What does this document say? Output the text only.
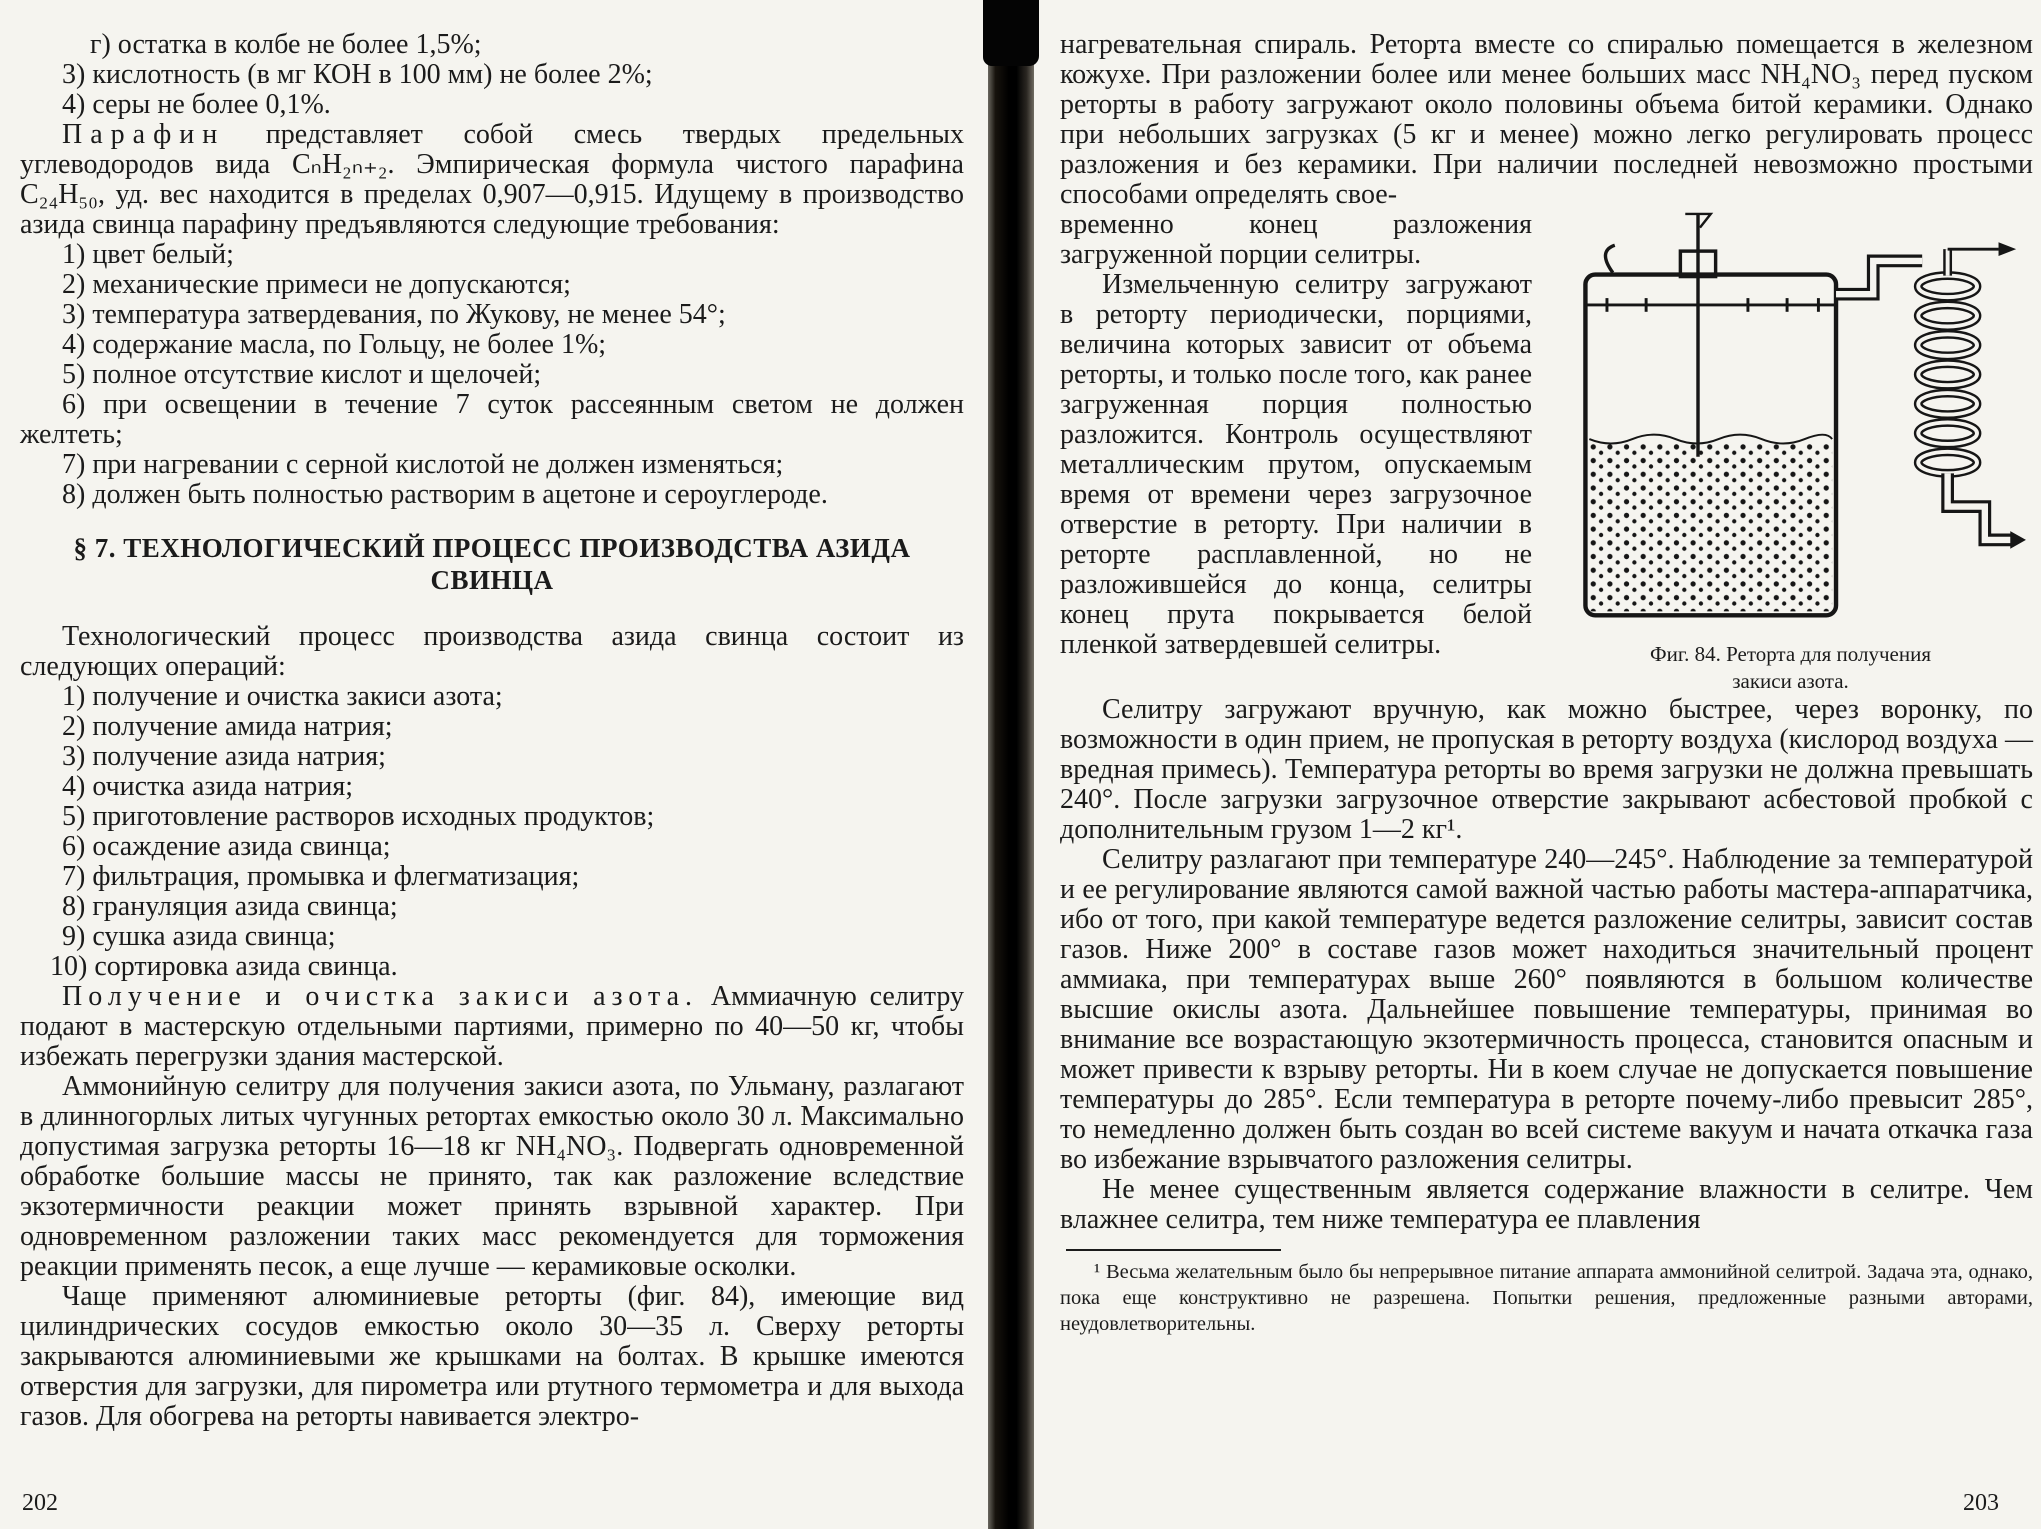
г) остатка в колбе не более 1,5%;

3) кислотность (в мг КОН в 100 мм) не более 2%;

4) серы не более 0,1%.

Парафин представляет собой смесь твердых предельных углеводородов вида CₙH₂ₙ₊₂. Эмпирическая формула чистого парафина C₂₄H₅₀, уд. вес находится в пределах 0,907—0,915. Идущему в производство азида свинца парафину предъявляются следующие требования:

1) цвет белый;

2) механические примеси не допускаются;

3) температура затвердевания, по Жукову, не менее 54°;

4) содержание масла, по Гольцу, не более 1%;

5) полное отсутствие кислот и щелочей;

6) при освещении в течение 7 суток рассеянным светом не должен желтеть;

7) при нагревании с серной кислотой не должен изменяться;

8) должен быть полностью растворим в ацетоне и сероуглероде.

§ 7. ТЕХНОЛОГИЧЕСКИЙ ПРОЦЕСС ПРОИЗВОДСТВА АЗИДА СВИНЦА

Технологический процесс производства азида свинца состоит из следующих операций:

1) получение и очистка закиси азота;

2) получение амида натрия;

3) получение азида натрия;

4) очистка азида натрия;

5) приготовление растворов исходных продуктов;

6) осаждение азида свинца;

7) фильтрация, промывка и флегматизация;

8) грануляция азида свинца;

9) сушка азида свинца;

10) сортировка азида свинца.

Получение и очистка закиси азота. Аммиачную селитру подают в мастерскую отдельными партиями, примерно по 40—50 кг, чтобы избежать перегрузки здания мастерской.

Аммонийную селитру для получения закиси азота, по Ульману, разлагают в длинногорлых литых чугунных ретортах емкостью около 30 л. Максимально допустимая загрузка реторты 16—18 кг NH₄NO₃. Подвергать одновременной обработке большие массы не принято, так как разложение вследствие экзотермичности реакции может принять взрывной характер. При одновременном разложении таких масс рекомендуется для торможения реакции применять песок, а еще лучше — керамиковые осколки.

Чаще применяют алюминиевые реторты (фиг. 84), имеющие вид цилиндрических сосудов емкостью около 30—35 л. Сверху реторты закрываются алюминиевыми же крышками на болтах. В крышке имеются отверстия для загрузки, для пирометра или ртутного термометра и для выхода газов. Для обогрева на реторты навивается электро-

202

нагревательная спираль. Реторта вместе со спиралью помещается в железном кожухе. При разложении более или менее больших масс NH₄NO₃ перед пуском реторты в работу загружают около половины объема битой керамики. Однако при небольших загрузках (5 кг и менее) можно легко регулировать процесс разложения и без керамики. При наличии последней невозможно простыми способами определять свое-

временно конец разложения загруженной порции селитры.

Измельченную селитру загружают в реторту периодически, порциями, величина которых зависит от объема реторты, и только после того, как ранее загруженная порция полностью разложится. Контроль осуществляют металлическим прутом, опускаемым время от времени через загрузочное отверстие в реторту. При наличии в реторте расплавленной, но не разложившейся до конца, селитры конец прута покрывается белой пленкой затвердевшей селитры.	Фиг. 84. Реторта для получения
закиси азота.

Селитру загружают вручную, как можно быстрее, через воронку, по возможности в один прием, не пропуская в реторту воздуха (кислород воздуха — вредная примесь). Температура реторты во время загрузки не должна превышать 240°. После загрузки загрузочное отверстие закрывают асбестовой пробкой с дополнительным грузом 1—2 кг¹.

Селитру разлагают при температуре 240—245°. Наблюдение за температурой и ее регулирование являются самой важной частью работы мастера-аппаратчика, ибо от того, при какой температуре ведется разложение селитры, зависит состав газов. Ниже 200° в составе газов может находиться значительный процент аммиака, при температурах выше 260° появляются в большом количестве высшие окислы азота. Дальнейшее повышение температуры, принимая во внимание все возрастающую экзотермичность процесса, становится опасным и может привести к взрыву реторты. Ни в коем случае не допускается повышение температуры до 285°. Если температура в реторте почему-либо превысит 285°, то немедленно должен быть создан во всей системе вакуум и начата откачка газа во избежание взрывчатого разложения селитры.

Не менее существенным является содержание влажности в селитре. Чем влажнее селитра, тем ниже температура ее плавления

¹ Весьма желательным было бы непрерывное питание аппарата аммонийной селитрой. Задача эта, однако, пока еще конструктивно не разрешена. Попытки решения, предложенные разными авторами, неудовлетворительны.

203
